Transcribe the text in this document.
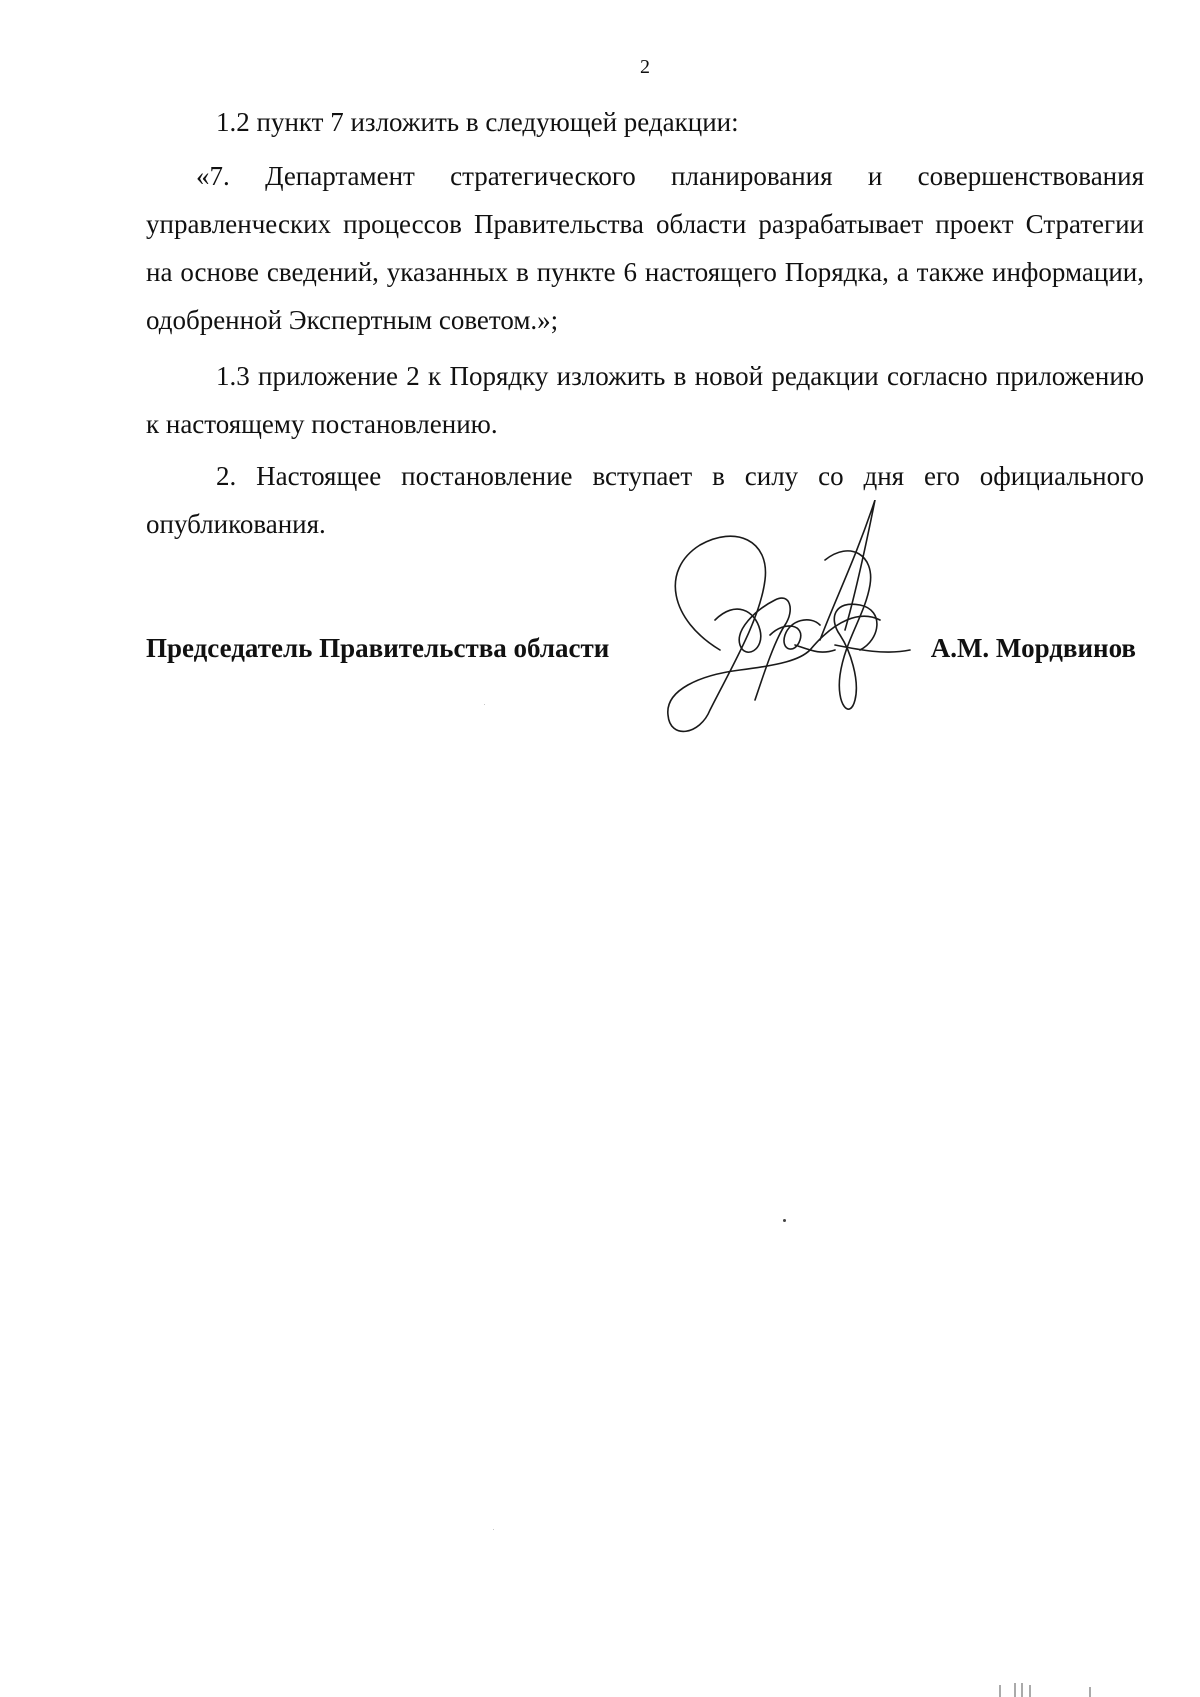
2

1.2 пункт 7 изложить в следующей редакции:

«7. Департамент стратегического планирования и совершенствования управленческих процессов Правительства области разрабатывает проект Стратегии на основе сведений, указанных в пункте 6 настоящего Порядка, а также информации, одобренной Экспертным советом.»;

1.3 приложение 2 к Порядку изложить в новой редакции согласно приложению к настоящему постановлению.

2. Настоящее постановление вступает в силу со дня его официального опубликования.

Председатель Правительства области	А.М. Мордвинов
